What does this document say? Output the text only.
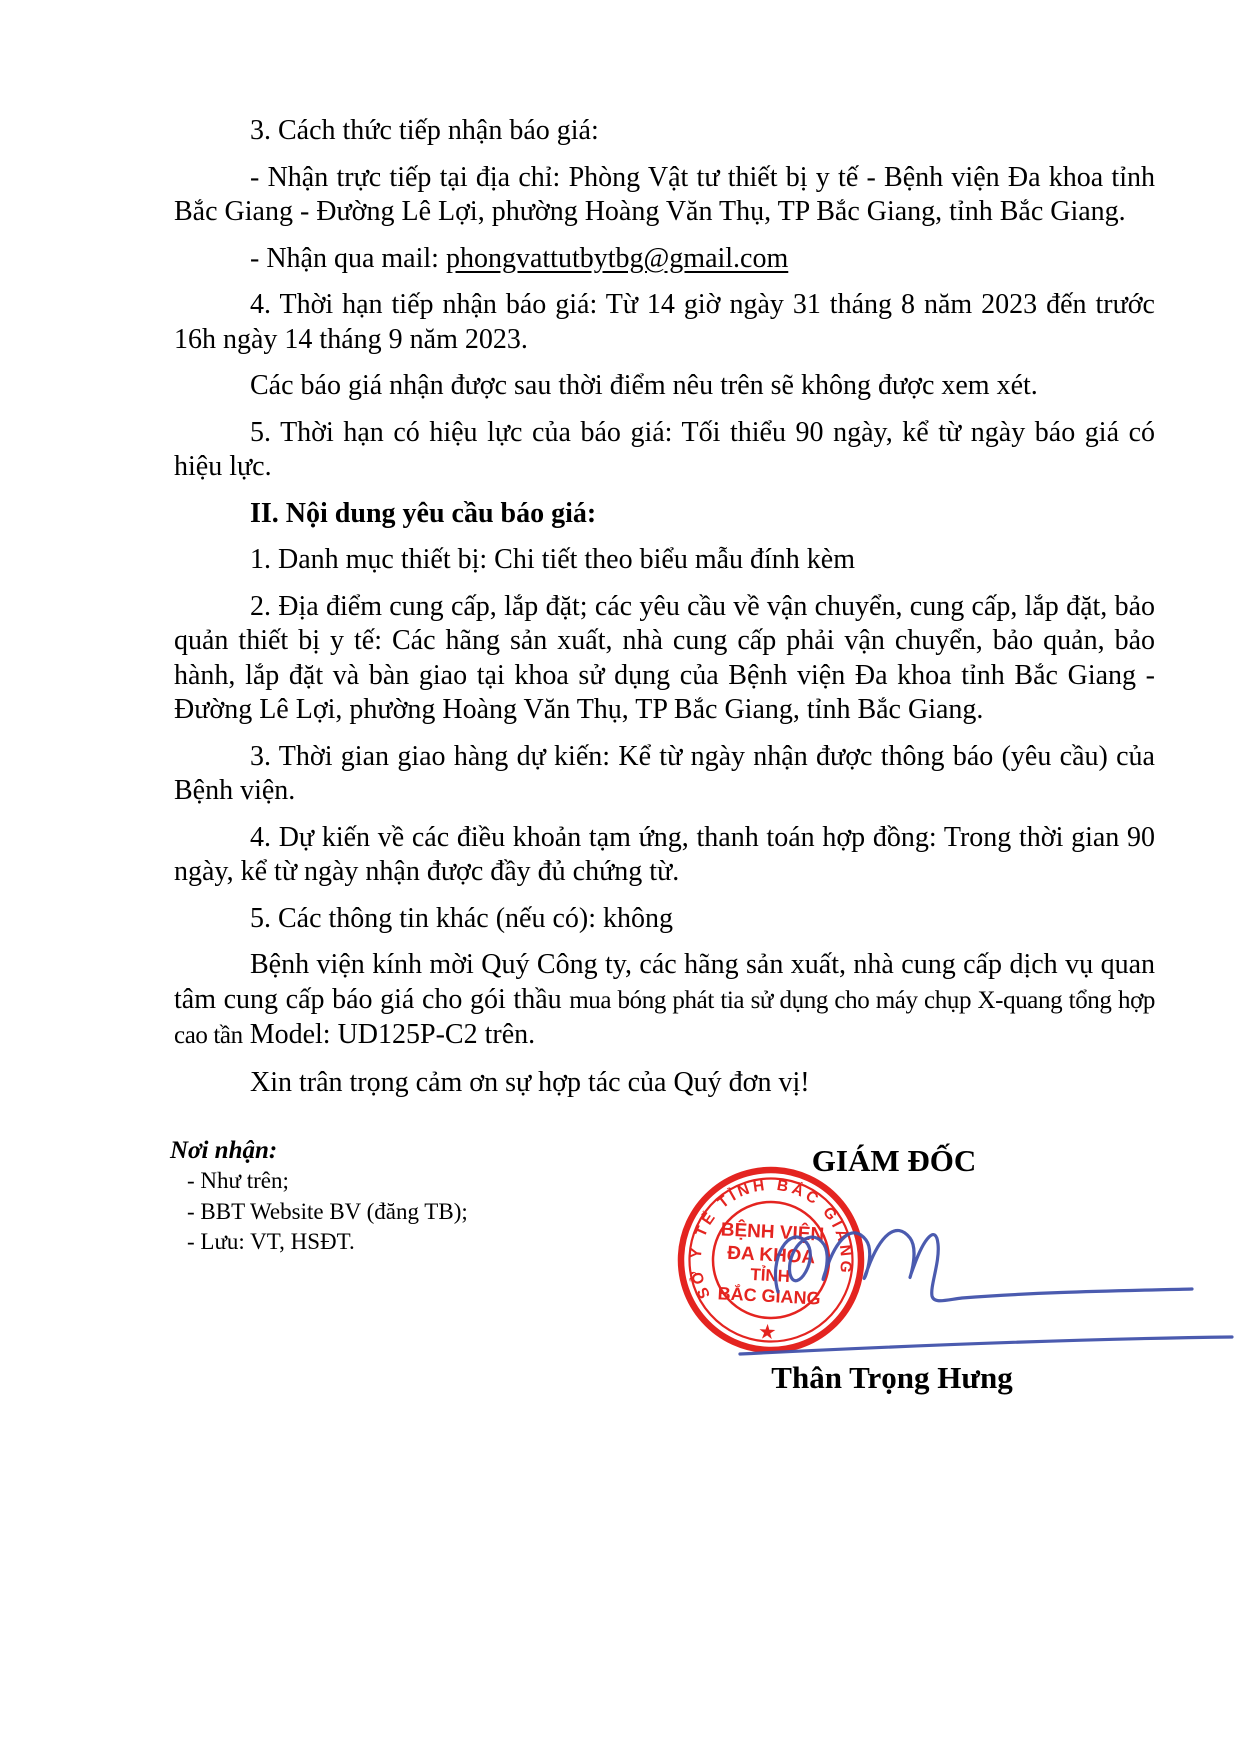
3. Cách thức tiếp nhận báo giá:

- Nhận trực tiếp tại địa chỉ: Phòng Vật tư thiết bị y tế - Bệnh viện Đa khoa tỉnh Bắc Giang - Đường Lê Lợi, phường Hoàng Văn Thụ, TP Bắc Giang, tỉnh Bắc Giang.

- Nhận qua mail: phongvattutbytbg@gmail.com

4. Thời hạn tiếp nhận báo giá: Từ 14 giờ ngày 31 tháng 8 năm 2023 đến trước 16h ngày 14 tháng 9 năm 2023.

Các báo giá nhận được sau thời điểm nêu trên sẽ không được xem xét.

5. Thời hạn có hiệu lực của báo giá: Tối thiểu 90 ngày, kể từ ngày báo giá có hiệu lực.

II. Nội dung yêu cầu báo giá:

1. Danh mục thiết bị: Chi tiết theo biểu mẫu đính kèm

2. Địa điểm cung cấp, lắp đặt; các yêu cầu về vận chuyển, cung cấp, lắp đặt, bảo quản thiết bị y tế: Các hãng sản xuất, nhà cung cấp phải vận chuyển, bảo quản, bảo hành, lắp đặt và bàn giao tại khoa sử dụng của Bệnh viện Đa khoa tỉnh Bắc Giang - Đường Lê Lợi, phường Hoàng Văn Thụ, TP Bắc Giang, tỉnh Bắc Giang.

3. Thời gian giao hàng dự kiến: Kể từ ngày nhận được thông báo (yêu cầu) của Bệnh viện.

4. Dự kiến về các điều khoản tạm ứng, thanh toán hợp đồng: Trong thời gian 90 ngày, kể từ ngày nhận được đầy đủ chứng từ.

5. Các thông tin khác (nếu có): không

Bệnh viện kính mời Quý Công ty, các hãng sản xuất, nhà cung cấp dịch vụ quan tâm cung cấp báo giá cho gói thầu mua bóng phát tia sử dụng cho máy chụp X-quang tổng hợp cao tần Model: UD125P-C2 trên.

Xin trân trọng cảm ơn sự hợp tác của Quý đơn vị!

Nơi nhận:

- Như trên;

- BBT Website BV (đăng TB);

- Lưu: VT, HSĐT.

GIÁM ĐỐC
SỞ Y TẾ TỈNH BẮC GIANG
BỆNH VIỆN
ĐA KHOA
TỈNH
BẮC GIANG
★
Thân Trọng Hưng
